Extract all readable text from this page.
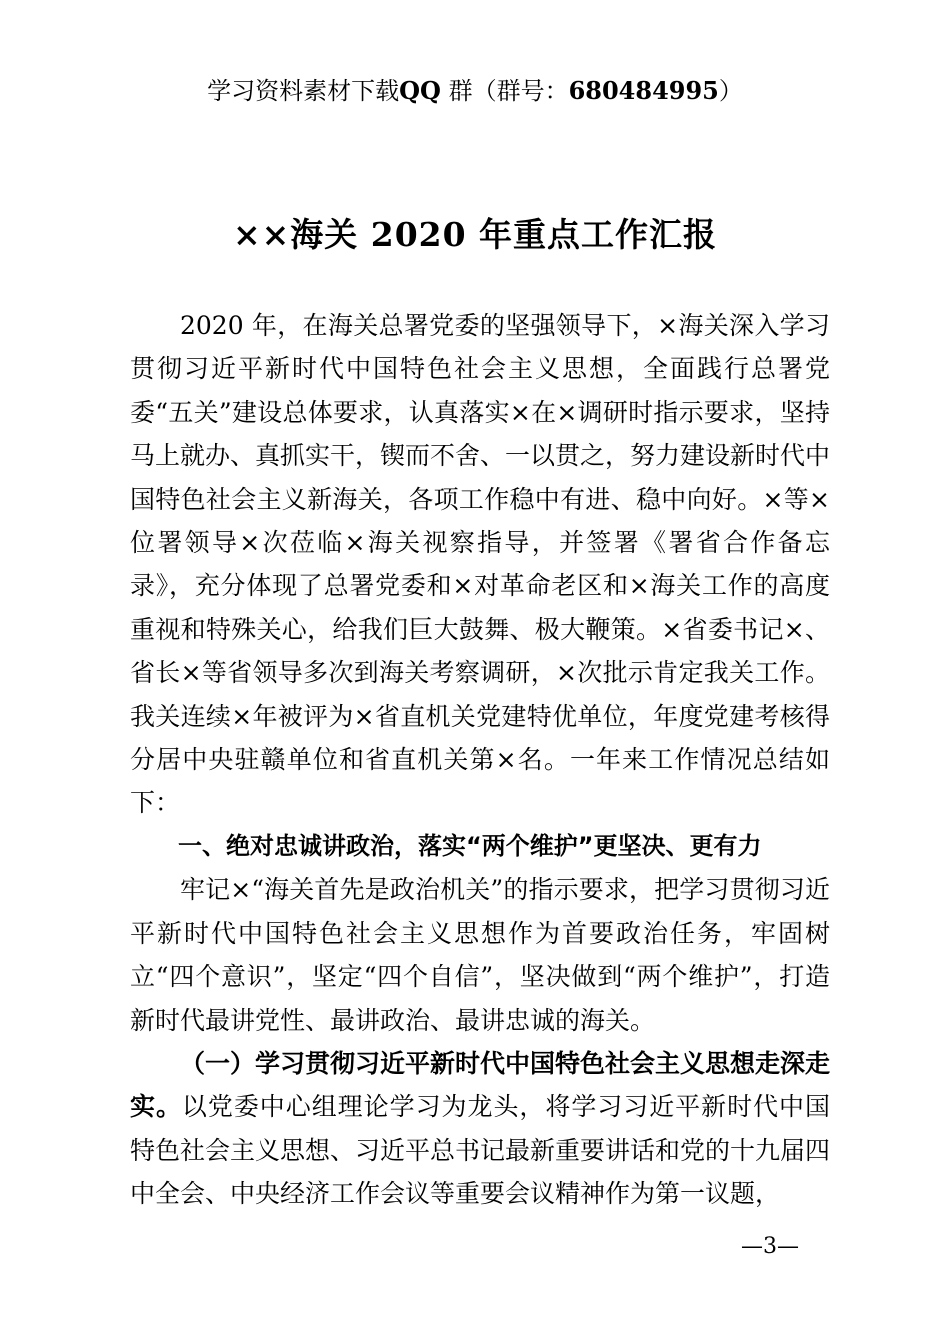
学习资料素材下载QQ 群（群号：680484995）
××海关 2020 年重点工作汇报

2020 年，在海关总署党委的坚强领导下，×海关深入学习贯彻习近平新时代中国特色社会主义思想，全面践行总署党委“五关”建设总体要求，认真落实×在×调研时指示要求，坚持马上就办、真抓实干，锲而不舍、一以贯之，努力建设新时代中国特色社会主义新海关，各项工作稳中有进、稳中向好。×等×位署领导×次莅临×海关视察指导，并签署《署省合作备忘录》，充分体现了总署党委和×对革命老区和×海关工作的高度重视和特殊关心，给我们巨大鼓舞、极大鞭策。×省委书记×、省长×等省领导多次到海关考察调研，×次批示肯定我关工作。我关连续×年被评为×省直机关党建特优单位，年度党建考核得分居中央驻赣单位和省直机关第×名。一年来工作情况总结如下：

一、绝对忠诚讲政治，落实“两个维护”更坚决、更有力

牢记×“海关首先是政治机关”的指示要求，把学习贯彻习近平新时代中国特色社会主义思想作为首要政治任务，牢固树立“四个意识”，坚定“四个自信”，坚决做到“两个维护”，打造新时代最讲党性、最讲政治、最讲忠诚的海关。

（一）学习贯彻习近平新时代中国特色社会主义思想走深走实。以党委中心组理论学习为龙头，将学习习近平新时代中国特色社会主义思想、习近平总书记最新重要讲话和党的十九届四中全会、中央经济工作会议等重要会议精神作为第一议题，

—3—
